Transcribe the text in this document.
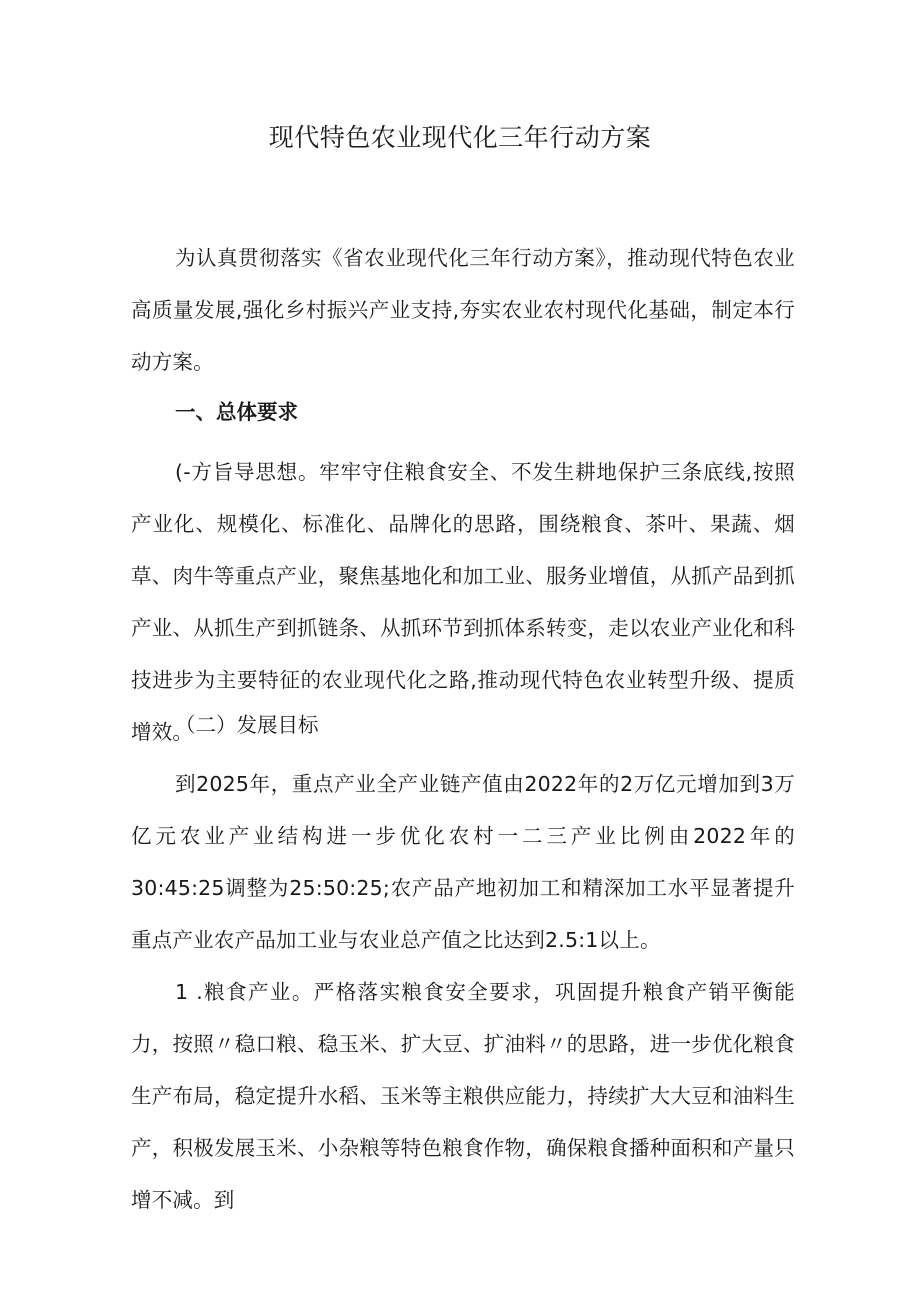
现代特色农业现代化三年行动方案
为认真贯彻落实《省农业现代化三年行动方案》，推动现代特色农业高质量发展,强化乡村振兴产业支持,夯实农业农村现代化基础，制定本行动方案。
一、总体要求
(-方旨导思想。牢牢守住粮食安全、不发生耕地保护三条底线,按照产业化、规模化、标准化、品牌化的思路，围绕粮食、茶叶、果蔬、烟草、肉牛等重点产业，聚焦基地化和加工业、服务业增值，从抓产品到抓产业、从抓生产到抓链条、从抓环节到抓体系转变，走以农业产业化和科技进步为主要特征的农业现代化之路,推动现代特色农业转型升级、提质增效。
（二）发展目标
到2025年，重点产业全产业链产值由2022年的2万亿元增加到3万亿元农业产业结构进一步优化农村一二三产业比例由2022年的30:45:25调整为25:50:25;农产品产地初加工和精深加工水平显著提升重点产业农产品加工业与农业总产值之比达到2.5:1以上。
1 .粮食产业。严格落实粮食安全要求，巩固提升粮食产销平衡能力，按照〃稳口粮、稳玉米、扩大豆、扩油料〃的思路，进一步优化粮食生产布局，稳定提升水稻、玉米等主粮供应能力，持续扩大大豆和油料生产，积极发展玉米、小杂粮等特色粮食作物，确保粮食播种面积和产量只增不减。到
